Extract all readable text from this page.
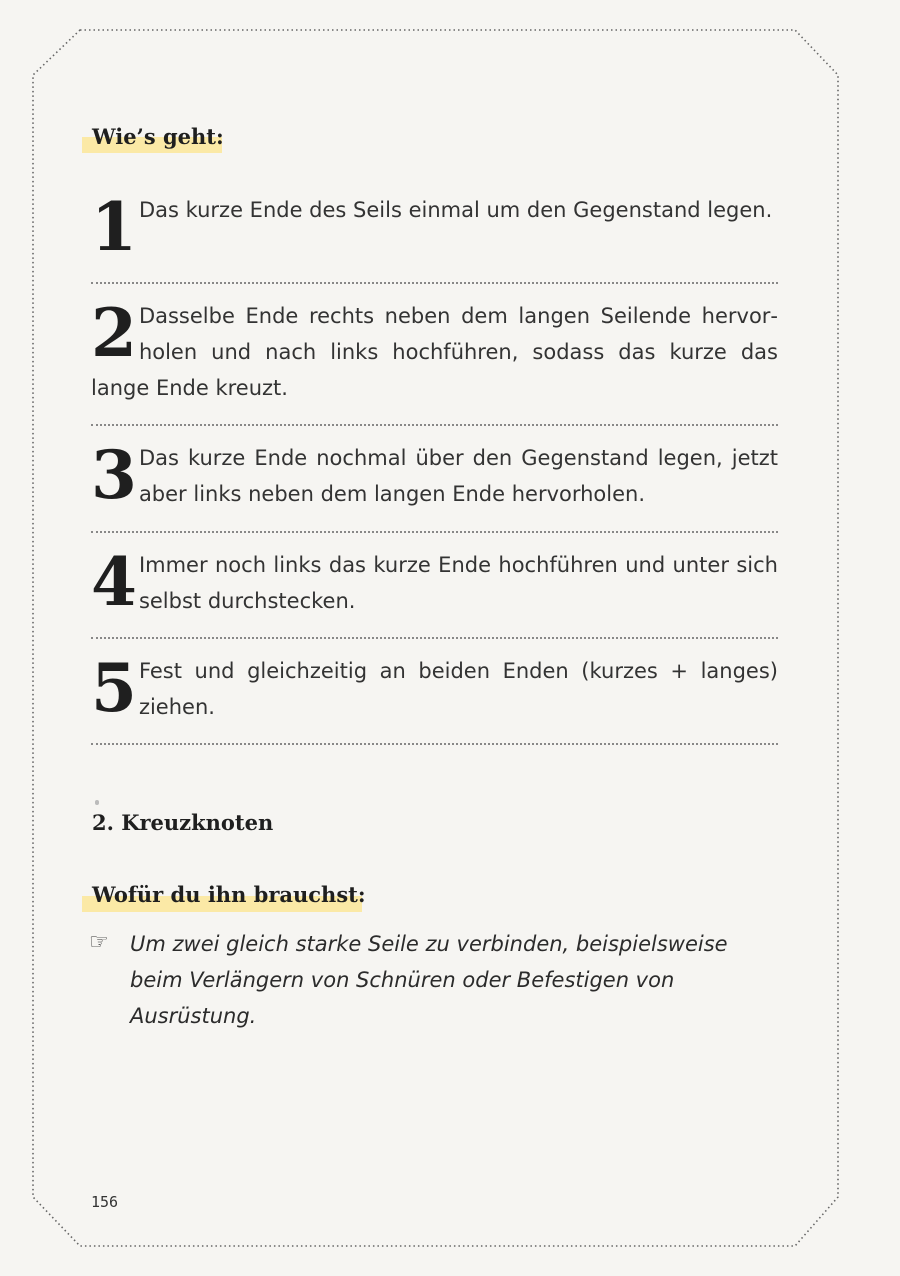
Wie’s geht:
1 Das kurze Ende des Seils einmal um den Gegenstand legen.
2 Dasselbe Ende rechts neben dem langen Seilende hervorholen und nach links hochführen, sodass das kurze das lange Ende kreuzt.
3 Das kurze Ende nochmal über den Gegenstand legen, jetzt aber links neben dem langen Ende hervorholen.
4 Immer noch links das kurze Ende hochführen und unter sich selbst durchstecken.
5 Fest und gleichzeitig an beiden Enden (kurzes + langes) ziehen.
2. Kreuzknoten
Wofür du ihn brauchst:
☞ Um zwei gleich starke Seile zu verbinden, beispielsweise beim Verlängern von Schnüren oder Befestigen von Ausrüstung.
156
